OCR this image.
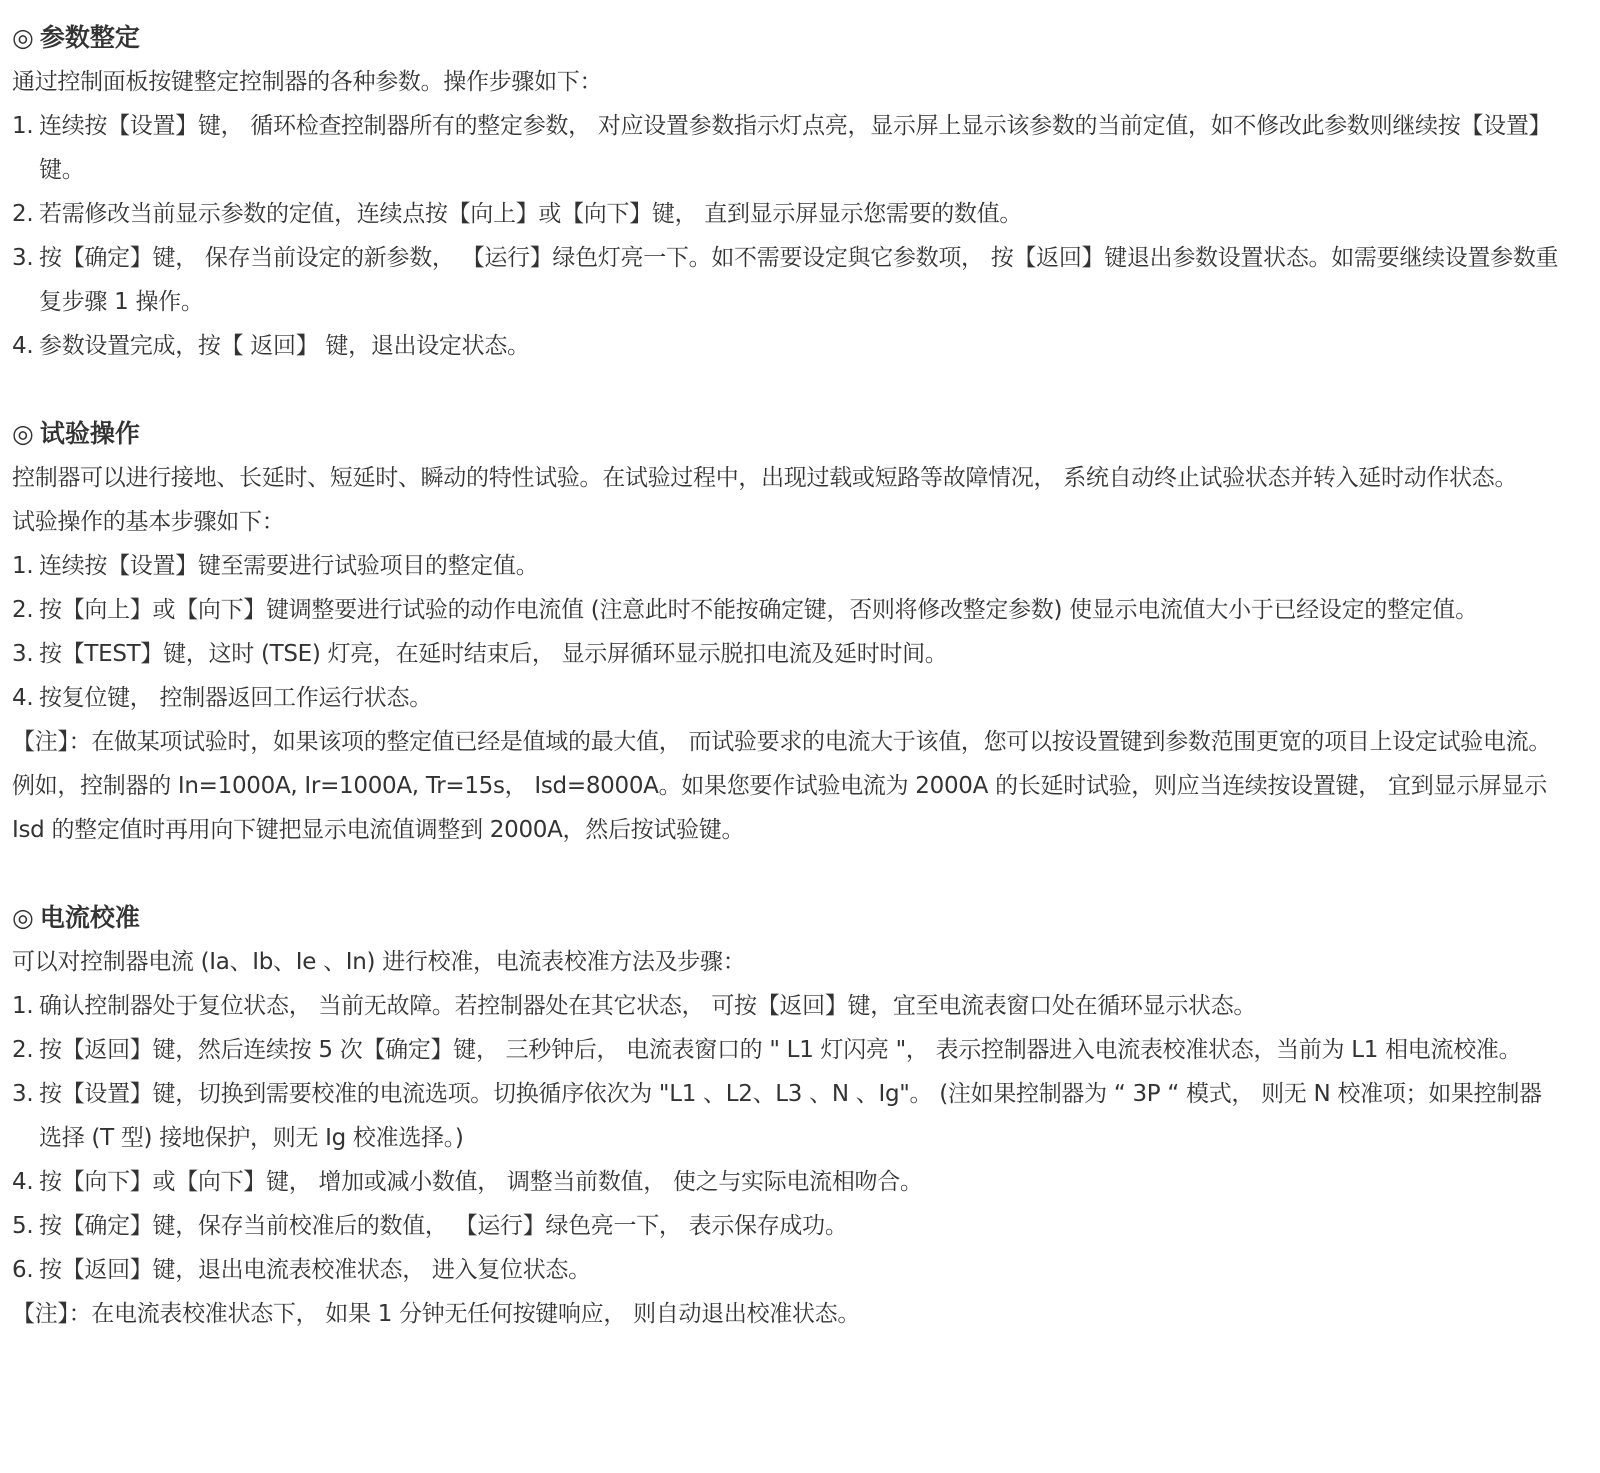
◎ 参数整定
通过控制面板按键整定控制器的各种参数。操作步骤如下：
1. 连续按【设置】键， 循环检查控制器所有的整定参数， 对应设置参数指示灯点亮，显示屏上显示该参数的当前定值，如不修改此参数则继续按【设置】键。
2. 若需修改当前显示参数的定值，连续点按【向上】或【向下】键， 直到显示屏显示您需要的数值。
3. 按【确定】键， 保存当前设定的新参数， 【运行】绿色灯亮一下。如不需要设定與它参数项， 按【返回】键退出参数设置状态。如需要继续设置参数重复步骤 1 操作。
4. 参数设置完成，按【 返回】 键，退出设定状态。
◎ 试验操作
控制器可以进行接地、长延时、短延时、瞬动的特性试验。在试验过程中，出现过载或短路等故障情况， 系统自动终止试验状态并转入延时动作状态。
试验操作的基本步骤如下：
1. 连续按【设置】键至需要进行试验项目的整定值。
2. 按【向上】或【向下】键调整要进行试验的动作电流值 (注意此时不能按确定键，否则将修改整定参数) 使显示电流值大小于已经设定的整定值。
3. 按【TEST】键，这时 (TSE) 灯亮，在延时结束后， 显示屏循环显示脱扣电流及延时时间。
4. 按复位键， 控制器返回工作运行状态。
【注】：在做某项试验时，如果该项的整定值已经是值域的最大值， 而试验要求的电流大于该值，您可以按设置键到参数范围更宽的项目上设定试验电流。例如，控制器的 In=1000A, Ir=1000A, Tr=15s， Isd=8000A。如果您要作试验电流为 2000A 的长延时试验，则应当连续按设置键， 宜到显示屏显示 Isd 的整定值时再用向下键把显示电流值调整到 2000A，然后按试验键。
◎ 电流校准
可以对控制器电流 (Ia、Ib、Ie 、In) 进行校准，电流表校准方法及步骤：
1. 确认控制器处于复位状态， 当前无故障。若控制器处在其它状态， 可按【返回】键，宜至电流表窗口处在循环显示状态。
2. 按【返回】键，然后连续按 5 次【确定】键， 三秒钟后， 电流表窗口的 " L1 灯闪亮 "， 表示控制器进入电流表校准状态，当前为 L1 相电流校准。
3. 按【设置】键，切换到需要校准的电流选项。切换循序依次为 "L1 、L2、L3 、N 、Ig"。 (注如果控制器为 “ 3P “ 模式， 则无 N 校准项；如果控制器选择 (T 型) 接地保护，则无 Ig 校准选择。)
4. 按【向下】或【向下】键， 增加或减小数值， 调整当前数值， 使之与实际电流相吻合。
5. 按【确定】键，保存当前校准后的数值， 【运行】绿色亮一下， 表示保存成功。
6. 按【返回】键，退出电流表校准状态， 进入复位状态。
【注】：在电流表校准状态下， 如果 1 分钟无任何按键响应， 则自动退出校准状态。
